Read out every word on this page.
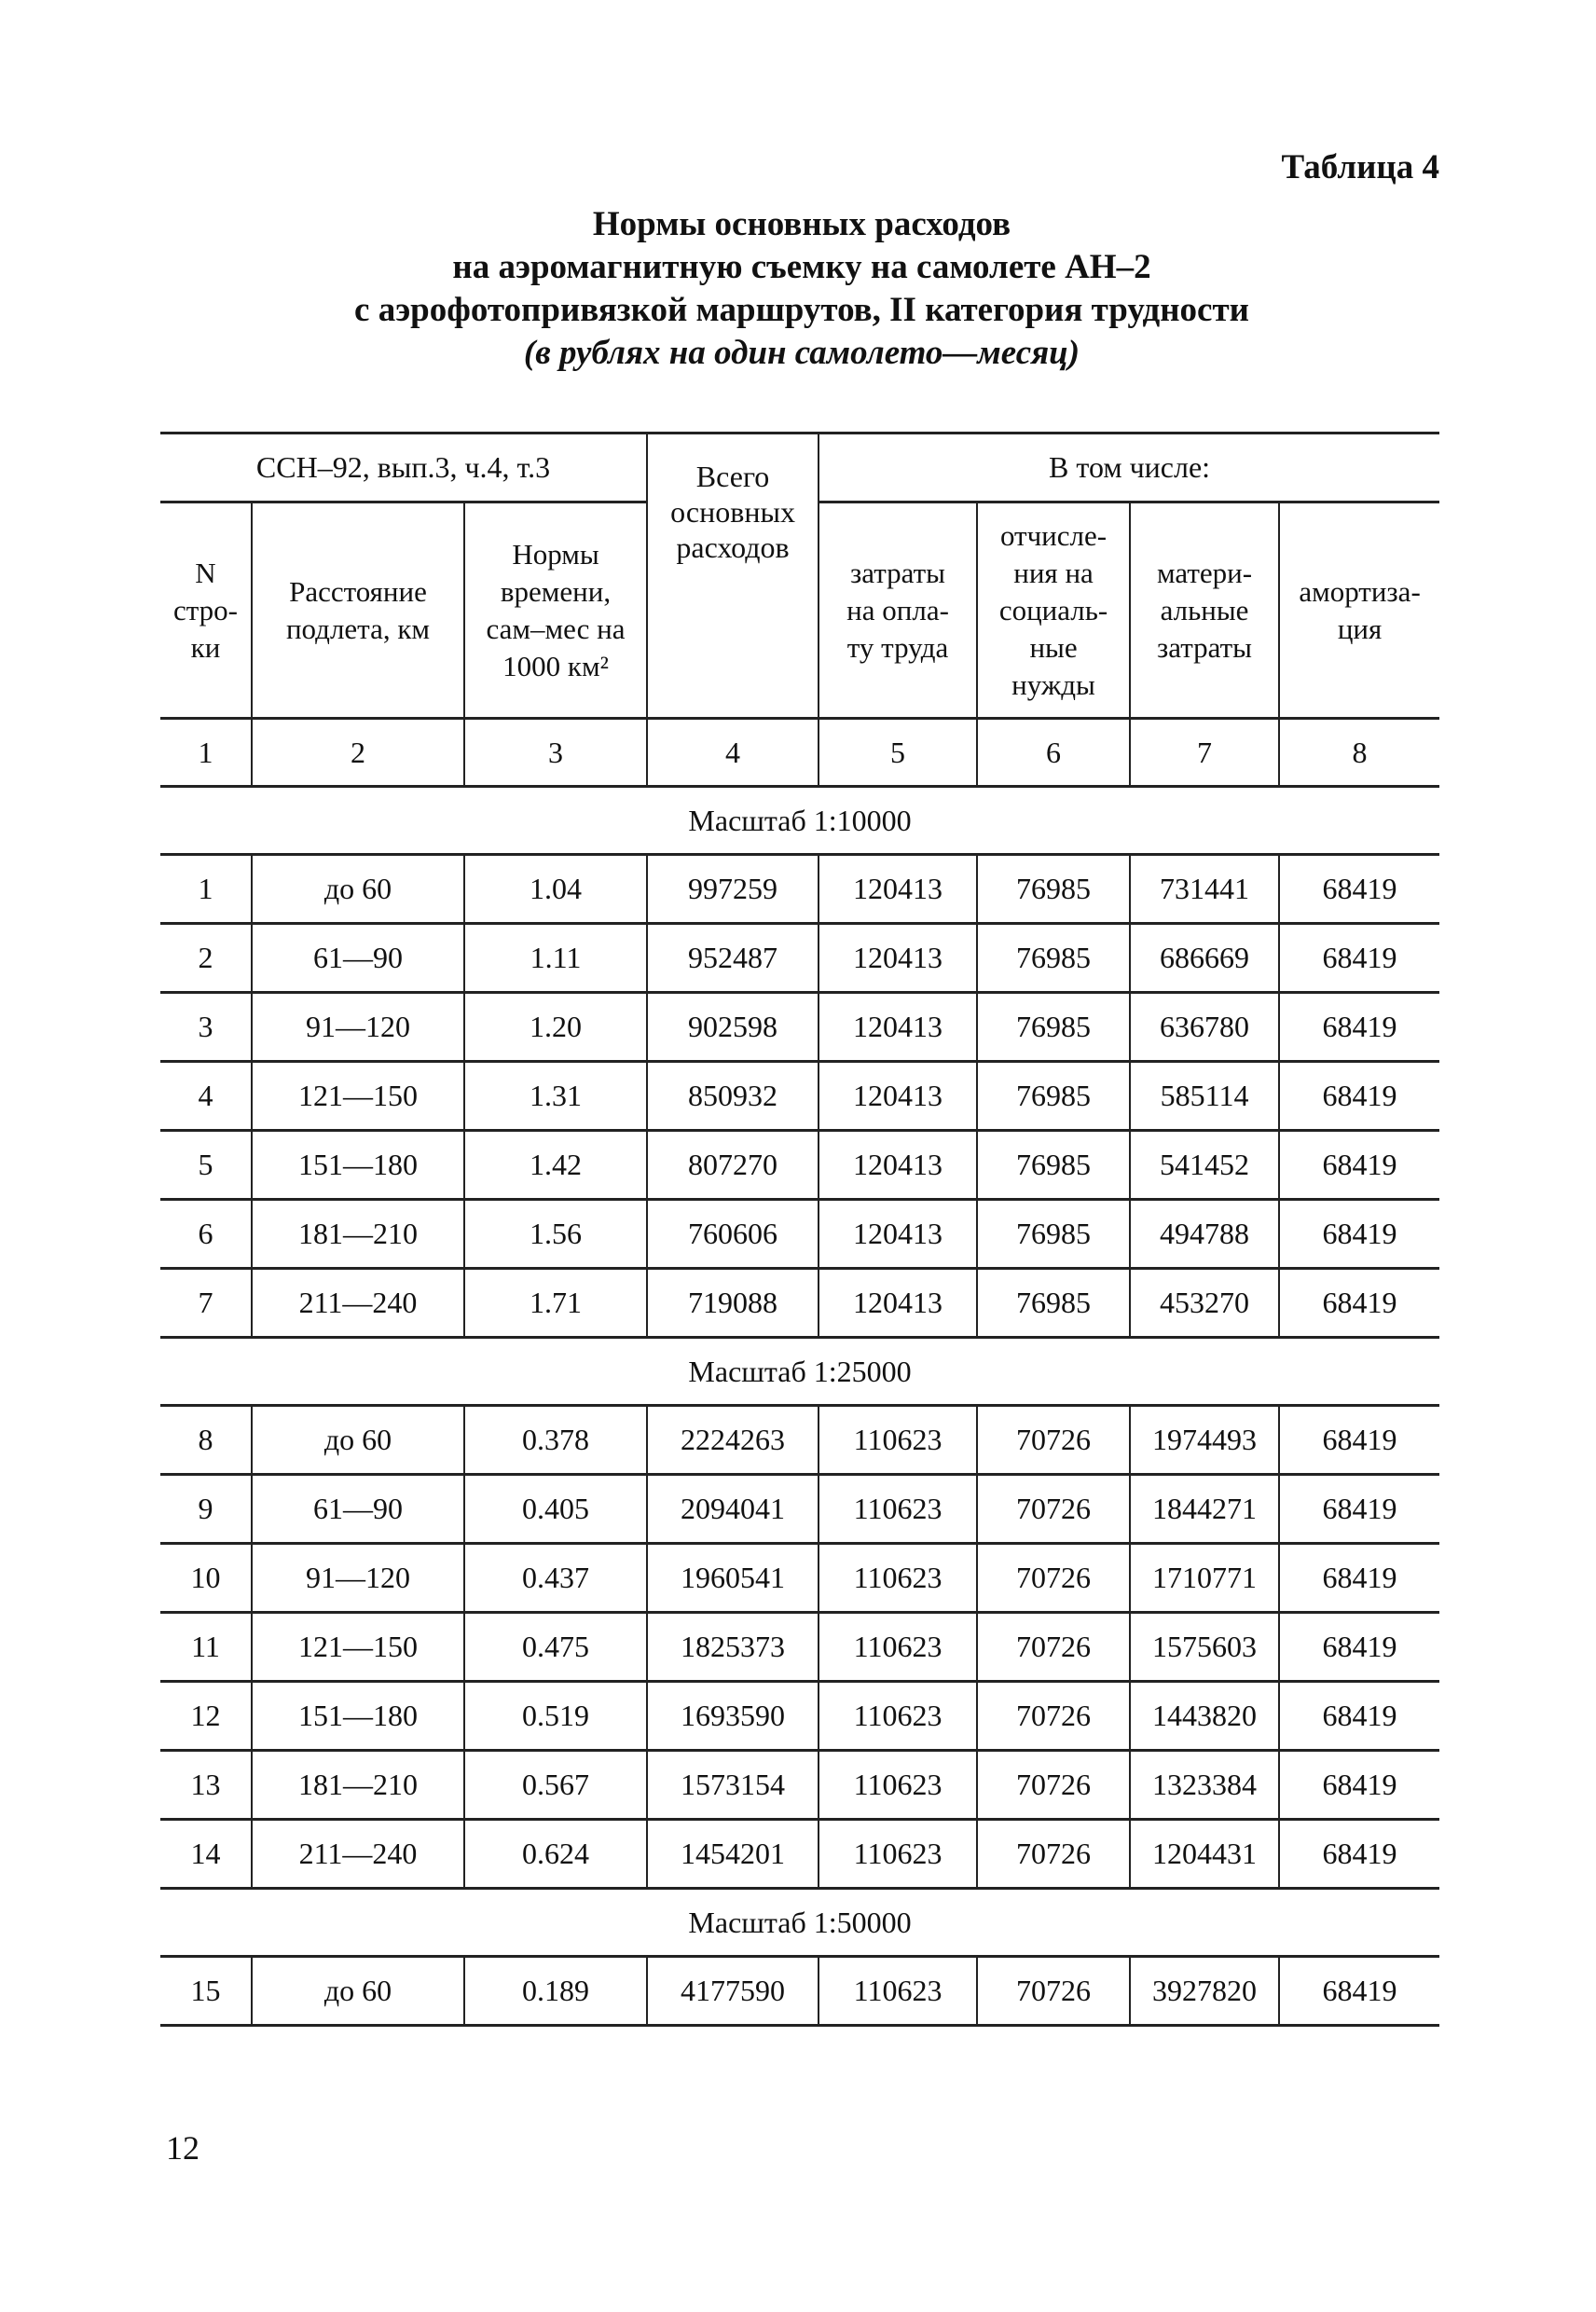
Таблица 4
Нормы основных расходов
на аэромагнитную съемку на самолете АН–2
с аэрофотопривязкой маршрутов, II категория трудности
(в рублях на один самолето—месяц)
ССН–92, вып.3, ч.4, т.3			Всего
основных
расходов	В том числе:			
N
стро-
ки	Расстояние
подлета, км	Нормы
времени,
сам–мес на
1000 км²		затраты
на опла-
ту труда	отчисле-
ния на
социаль-
ные
нужды	матери-
альные
затраты	амортиза-
ция
1	2	3	4	5	6	7	8
Масштаб 1:10000							
1	до 60	1.04	997259	120413	76985	731441	68419
2	61—90	1.11	952487	120413	76985	686669	68419
3	91—120	1.20	902598	120413	76985	636780	68419
4	121—150	1.31	850932	120413	76985	585114	68419
5	151—180	1.42	807270	120413	76985	541452	68419
6	181—210	1.56	760606	120413	76985	494788	68419
7	211—240	1.71	719088	120413	76985	453270	68419
Масштаб 1:25000							
8	до 60	0.378	2224263	110623	70726	1974493	68419
9	61—90	0.405	2094041	110623	70726	1844271	68419
10	91—120	0.437	1960541	110623	70726	1710771	68419
11	121—150	0.475	1825373	110623	70726	1575603	68419
12	151—180	0.519	1693590	110623	70726	1443820	68419
13	181—210	0.567	1573154	110623	70726	1323384	68419
14	211—240	0.624	1454201	110623	70726	1204431	68419
Масштаб 1:50000							
15	до 60	0.189	4177590	110623	70726	3927820	68419
12
